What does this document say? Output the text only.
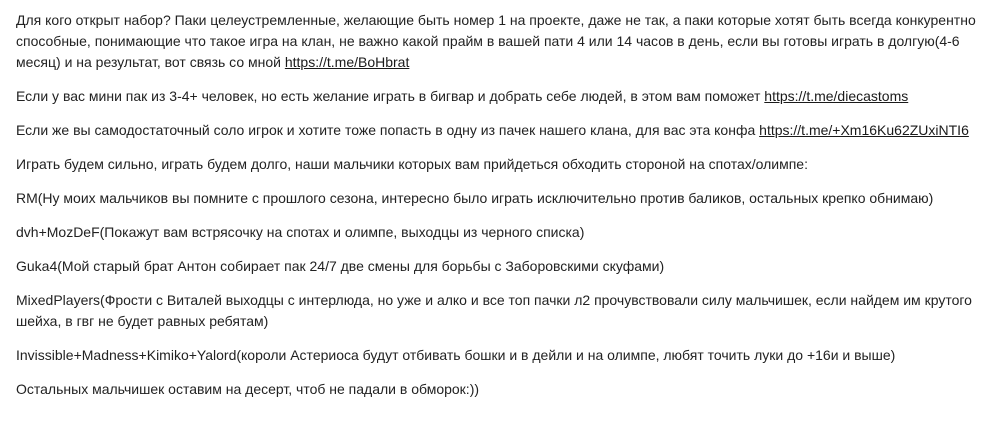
Для кого открыт набор? Паки целеустремленные, желающие быть номер 1 на проекте, даже не так, а паки которые хотят быть всегда конкурентно способные, понимающие что такое игра на клан, не важно какой прайм в вашей пати 4 или 14 часов в день, если вы готовы играть в долгую(4-6 месяц) и на результат, вот связь со мной https://t.me/BoHbrat

Если у вас мини пак из 3-4+ человек, но есть желание играть в бигвар и добрать себе людей, в этом вам поможет https://t.me/diecastoms

Если же вы самодостаточный соло игрок и хотите тоже попасть в одну из пачек нашего клана, для вас эта конфа https://t.me/+Xm16Ku62ZUxiNTI6

Играть будем сильно, играть будем долго, наши мальчики которых вам прийдеться обходить стороной на спотах/олимпе:

RM(Ну моих мальчиков вы помните с прошлого сезона, интересно было играть исключительно против баликов, остальных крепко обнимаю)

dvh+MozDeF(Покажут вам встрясочку на спотах и олимпе, выходцы из черного списка)

Guka4(Мой старый брат Антон собирает пак 24/7 две смены для борьбы с Заборовскими скуфами)

MixedPlayers(Фрости с Виталей выходцы с интерлюда, но уже и алко и все топ пачки л2 прочувствовали силу мальчишек, если найдем им крутого шейха, в гвг не будет равных ребятам)

Invissible+Madness+Kimiko+Yalord(короли Астериоса будут отбивать бошки и в дейли и на олимпе, любят точить луки до +16и и выше)

Остальных мальчишек оставим на десерт, чтоб не падали в обморок:))
